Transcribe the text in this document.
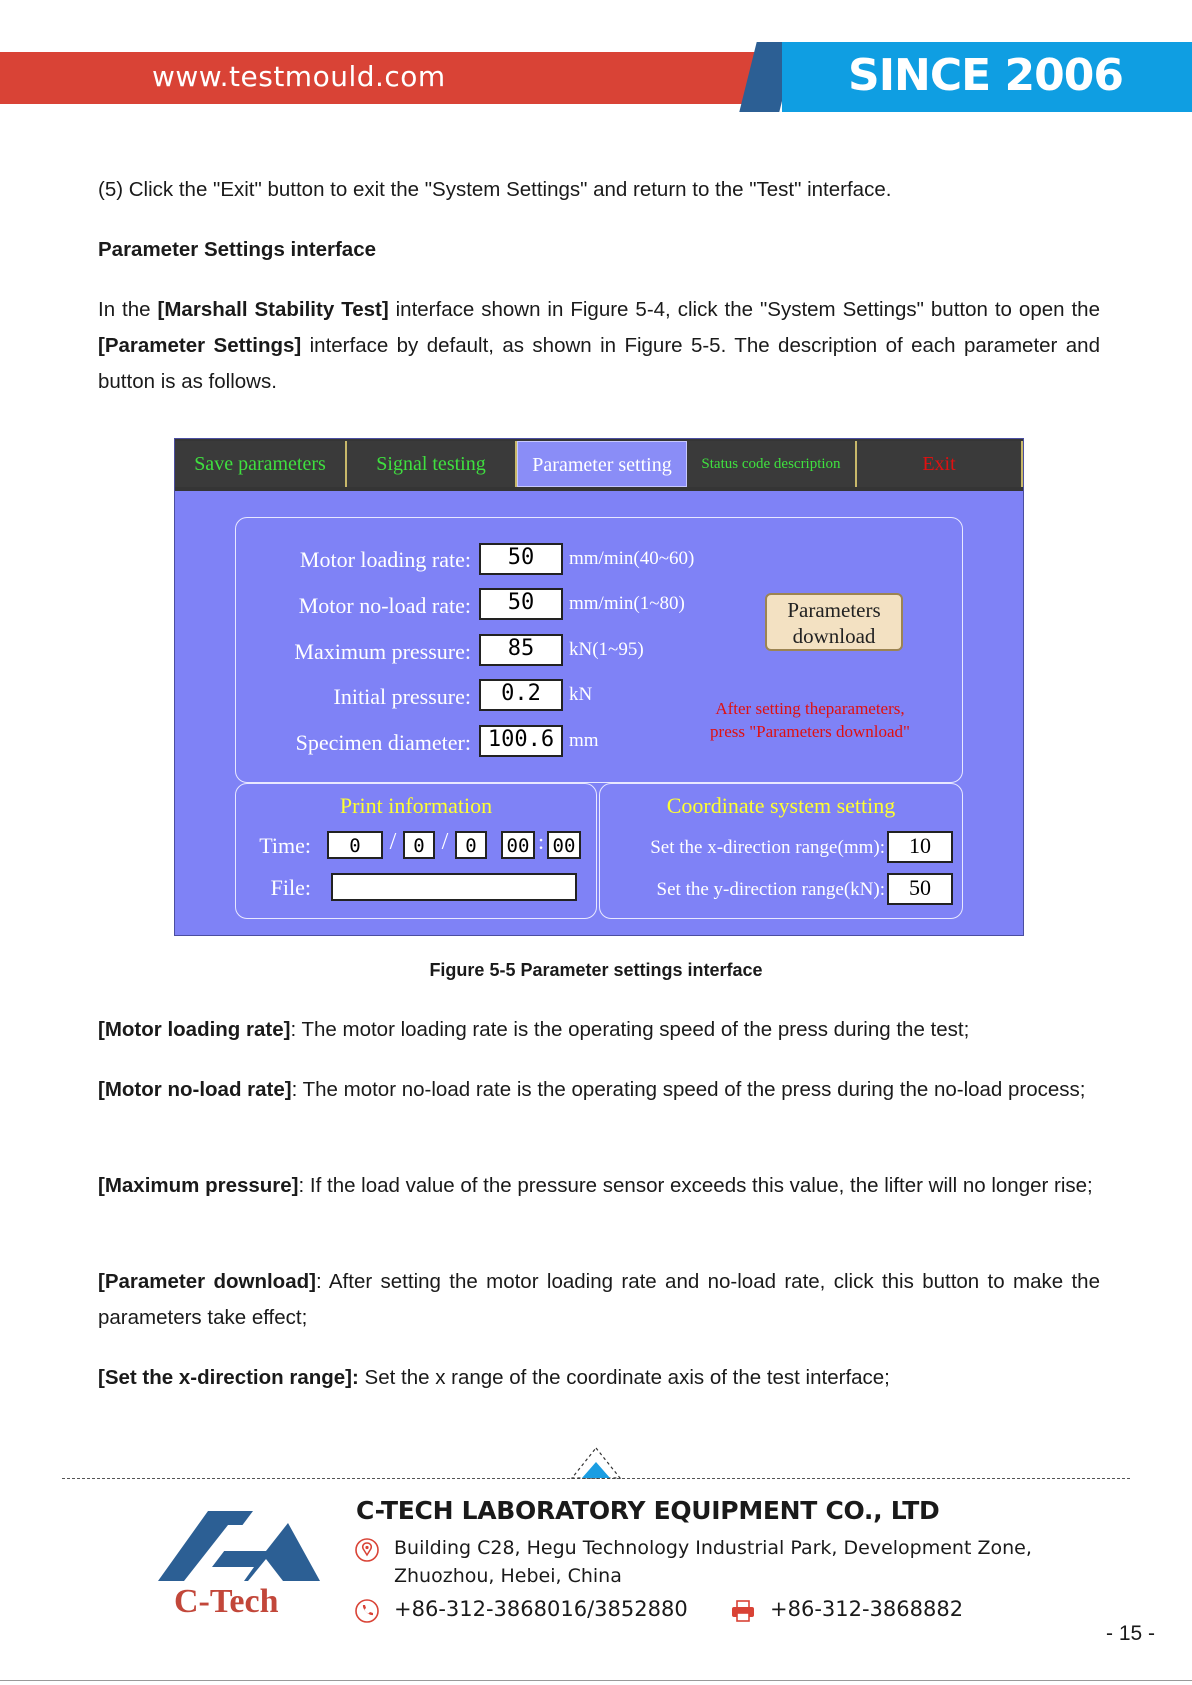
www.testmould.com	SINCE 2006
(5) Click the "Exit" button to exit the "System Settings" and return to the "Test" interface.
Parameter Settings interface
In the [Marshall Stability Test] interface shown in Figure 5-4, click the "System Settings" button to open the [Parameter Settings] interface by default, as shown in Figure 5-5. The description of each parameter and button is as follows.
Save parameters	Signal testing	Parameter setting	Status code description	Exit
Motor loading rate:	50	mm/min(40~60)
Motor no-load rate:	50	mm/min(1~80)
Maximum pressure:	85	kN(1~95)
Initial pressure:	0.2	kN
Specimen diameter: 100.6 mm
Parameters
download
After setting theparameters,
press "Parameters download"
Print information
Time:	0	/ 0 / 0	00 : 00
File:
Coordinate system setting
Set the x-direction range(mm):	10
Set the y-direction range(kN):	50
Figure 5-5 Parameter settings interface
[Motor loading rate]: The motor loading rate is the operating speed of the press during the test;
[Motor no-load rate]: The motor no-load rate is the operating speed of the press during the no-load process;
[Maximum pressure]: If the load value of the pressure sensor exceeds this value, the lifter will no longer rise;
[Parameter download]: After setting the motor loading rate and no-load rate, click this button to make the parameters take effect;
[Set the x-direction range]: Set the x range of the coordinate axis of the test interface;
C-Tech
C-TECH LABORATORY EQUIPMENT CO., LTD
Building C28, Hegu Technology Industrial Park, Development Zone,
Zhuozhou, Hebei, China
+86-312-3868016/3852880	+86-312-3868882
- 15 -
